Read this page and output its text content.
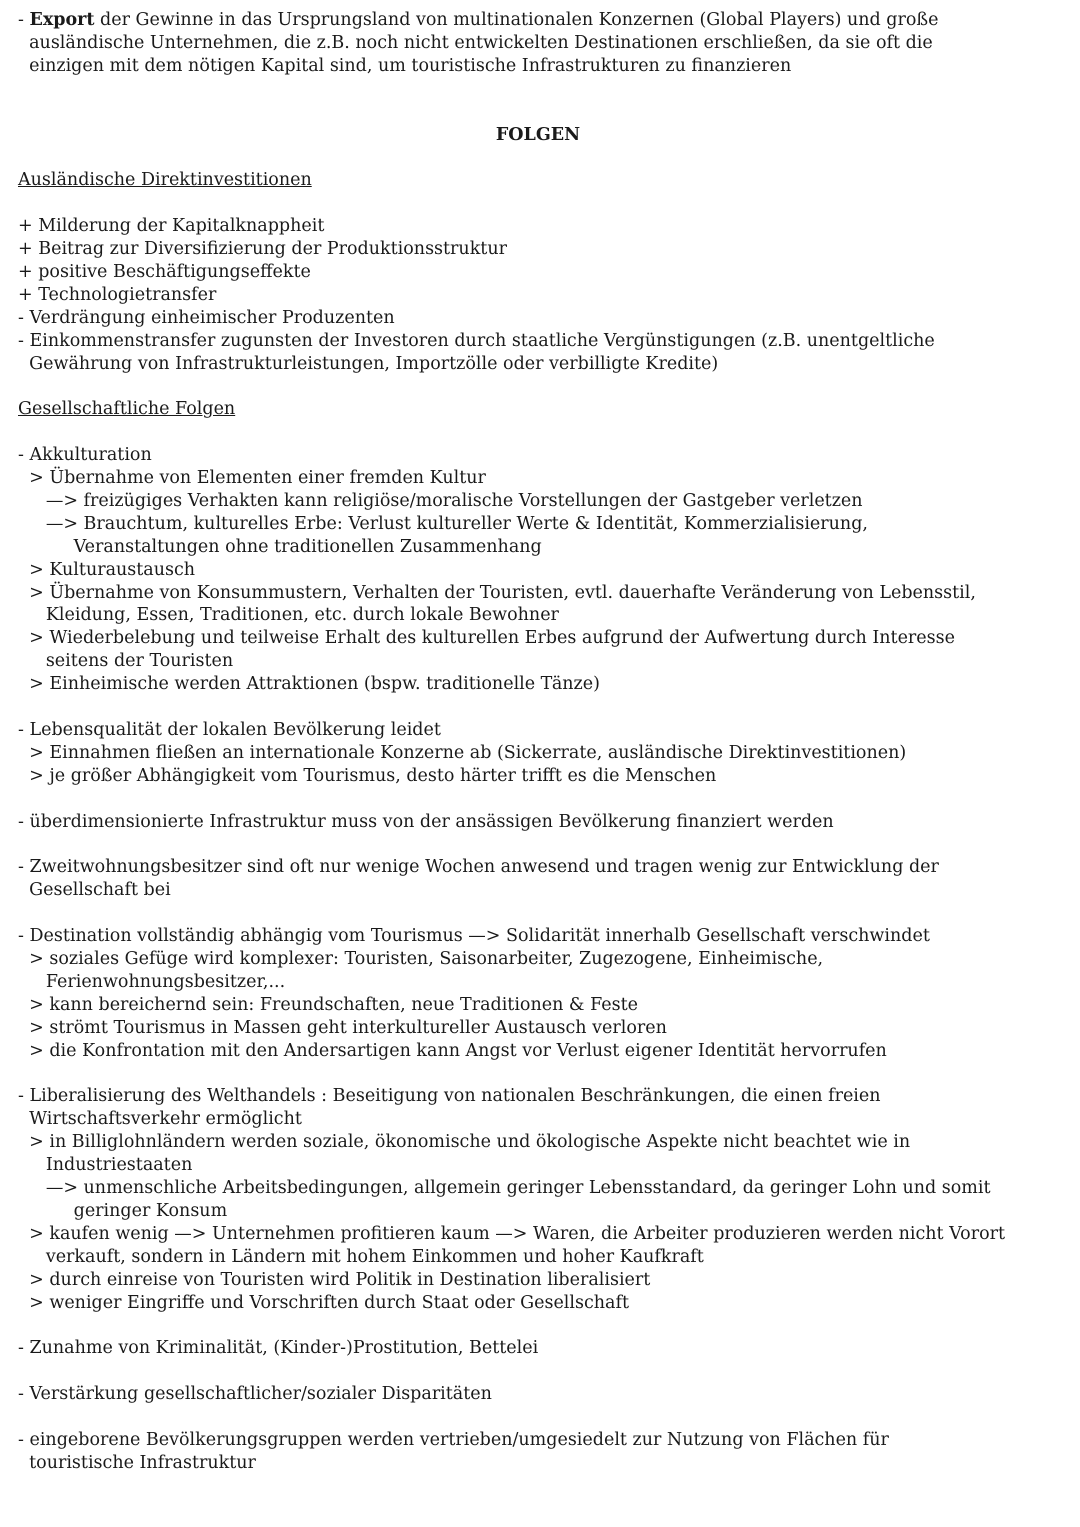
- Export der Gewinne in das Ursprungsland von multinationalen Konzernen (Global Players) und große
ausländische Unternehmen, die z.B. noch nicht entwickelten Destinationen erschließen, da sie oft die
einzigen mit dem nötigen Kapital sind, um touristische Infrastrukturen zu finanzieren
FOLGEN
Ausländische Direktinvestitionen
+ Milderung der Kapitalknappheit
+ Beitrag zur Diversifizierung der Produktionsstruktur
+ positive Beschäftigungseffekte
+ Technologietransfer
- Verdrängung einheimischer Produzenten
- Einkommenstransfer zugunsten der Investoren durch staatliche Vergünstigungen (z.B. unentgeltliche
Gewährung von Infrastrukturleistungen, Importzölle oder verbilligte Kredite)
Gesellschaftliche Folgen
- Akkulturation
> Übernahme von Elementen einer fremden Kultur
—> freizügiges Verhakten kann religiöse/moralische Vorstellungen der Gastgeber verletzen
—> Brauchtum, kulturelles Erbe: Verlust kultureller Werte & Identität, Kommerzialisierung,
Veranstaltungen ohne traditionellen Zusammenhang
> Kulturaustausch
> Übernahme von Konsummustern, Verhalten der Touristen, evtl. dauerhafte Veränderung von Lebensstil,
Kleidung, Essen, Traditionen, etc. durch lokale Bewohner
> Wiederbelebung und teilweise Erhalt des kulturellen Erbes aufgrund der Aufwertung durch Interesse
seitens der Touristen
> Einheimische werden Attraktionen (bspw. traditionelle Tänze)
- Lebensqualität der lokalen Bevölkerung leidet
> Einnahmen fließen an internationale Konzerne ab (Sickerrate, ausländische Direktinvestitionen)
> je größer Abhängigkeit vom Tourismus, desto härter trifft es die Menschen
- überdimensionierte Infrastruktur muss von der ansässigen Bevölkerung finanziert werden
- Zweitwohnungsbesitzer sind oft nur wenige Wochen anwesend und tragen wenig zur Entwicklung der
Gesellschaft bei
- Destination vollständig abhängig vom Tourismus —> Solidarität innerhalb Gesellschaft verschwindet
> soziales Gefüge wird komplexer: Touristen, Saisonarbeiter, Zugezogene, Einheimische,
Ferienwohnungsbesitzer,...
> kann bereichernd sein: Freundschaften, neue Traditionen & Feste
> strömt Tourismus in Massen geht interkultureller Austausch verloren
> die Konfrontation mit den Andersartigen kann Angst vor Verlust eigener Identität hervorrufen
- Liberalisierung des Welthandels : Beseitigung von nationalen Beschränkungen, die einen freien
Wirtschaftsverkehr ermöglicht
> in Billiglohnländern werden soziale, ökonomische und ökologische Aspekte nicht beachtet wie in
Industriestaaten
—> unmenschliche Arbeitsbedingungen, allgemein geringer Lebensstandard, da geringer Lohn und somit
geringer Konsum
> kaufen wenig —> Unternehmen profitieren kaum —> Waren, die Arbeiter produzieren werden nicht Vorort
verkauft, sondern in Ländern mit hohem Einkommen und hoher Kaufkraft
> durch einreise von Touristen wird Politik in Destination liberalisiert
> weniger Eingriffe und Vorschriften durch Staat oder Gesellschaft
- Zunahme von Kriminalität, (Kinder-)Prostitution, Bettelei
- Verstärkung gesellschaftlicher/sozialer Disparitäten
- eingeborene Bevölkerungsgruppen werden vertrieben/umgesiedelt zur Nutzung von Flächen für
touristische Infrastruktur
